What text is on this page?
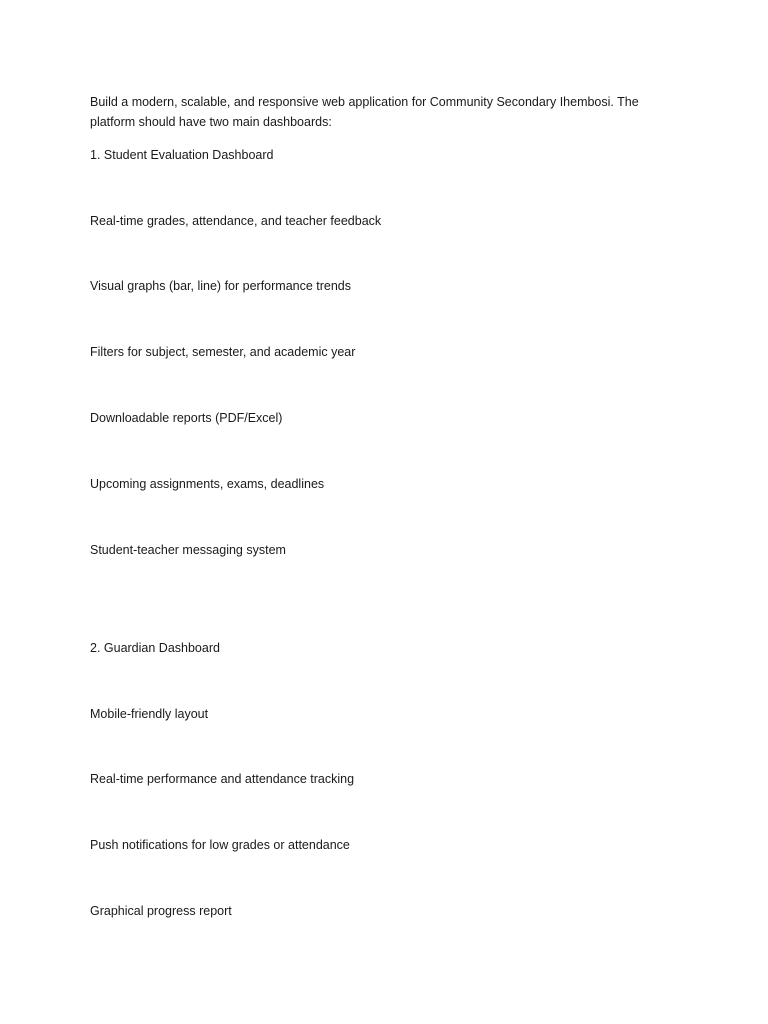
Build a modern, scalable, and responsive web application for Community Secondary Ihembosi. The platform should have two main dashboards:

1. Student Evaluation Dashboard

Real-time grades, attendance, and teacher feedback

Visual graphs (bar, line) for performance trends

Filters for subject, semester, and academic year

Downloadable reports (PDF/Excel)

Upcoming assignments, exams, deadlines

Student-teacher messaging system

2. Guardian Dashboard

Mobile-friendly layout

Real-time performance and attendance tracking

Push notifications for low grades or attendance

Graphical progress report
